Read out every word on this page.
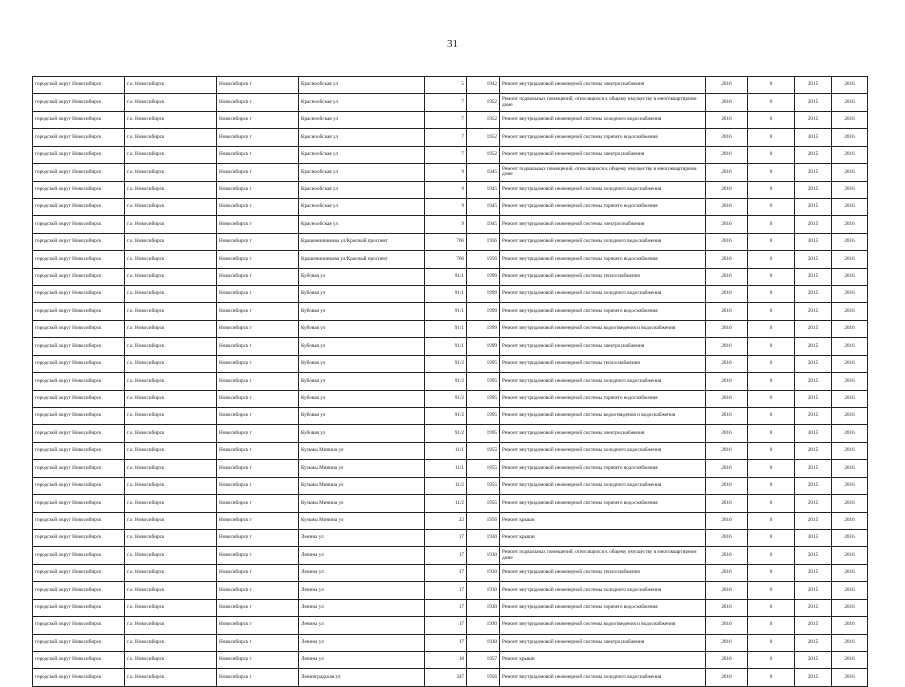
31
городской округ Новосибирск	г.о. Новосибирск	Новосибирск г	Краснообская ул	5	1942	Ремонт внутридомовой инженерной системы электроснабжения	2016	0	2015	2016
городской округ Новосибирск	г.о. Новосибирск	Новосибирск г	Краснообская ул	7	1952	Ремонт подвальных помещений, относящихся к общему имуществу в многоквартирном доме	2016	0	2015	2016
городской округ Новосибирск	г.о. Новосибирск	Новосибирск г	Краснообская ул	7	1952	Ремонт внутридомовой инженерной системы холодного водоснабжения	2016	0	2015	2016
городской округ Новосибирск	г.о. Новосибирск	Новосибирск г	Краснообская ул	7	1952	Ремонт внутридомовой инженерной системы горячего водоснабжения	2016	0	2015	2016
городской округ Новосибирск	г.о. Новосибирск	Новосибирск г	Краснообская ул	7	1952	Ремонт внутридомовой инженерной системы электроснабжения	2016	0	2015	2016
городской округ Новосибирск	г.о. Новосибирск	Новосибирск г	Краснообская ул	9	1945	Ремонт подвальных помещений, относящихся к общему имуществу в многоквартирном доме	2016	0	2015	2016
городской округ Новосибирск	г.о. Новосибирск	Новосибирск г	Краснообская ул	9	1945	Ремонт внутридомовой инженерной системы холодного водоснабжения	2016	0	2015	2016
городской округ Новосибирск	г.о. Новосибирск	Новосибирск г	Краснообская ул	9	1945	Ремонт внутридомовой инженерной системы горячего водоснабжения	2016	0	2015	2016
городской округ Новосибирск	г.о. Новосибирск	Новосибирск г	Краснообская ул	9	1945	Ремонт внутридомовой инженерной системы электроснабжения	2016	0	2015	2016
городской округ Новосибирск	г.о. Новосибирск	Новосибирск г	Крашенинникова ул/Красный проспект	766	1956	Ремонт внутридомовой инженерной системы холодного водоснабжения	2016	0	2015	2016
городской округ Новосибирск	г.о. Новосибирск	Новосибирск г	Крашенинникова ул/Красный проспект	766	1956	Ремонт внутридомовой инженерной системы горячего водоснабжения	2016	0	2015	2016
городской округ Новосибирск	г.о. Новосибирск	Новосибирск г	Кубовая ул	91/1	1999	Ремонт внутридомовой инженерной системы теплоснабжения	2016	0	2015	2016
городской округ Новосибирск	г.о. Новосибирск	Новосибирск г	Кубовая ул	91/1	1999	Ремонт внутридомовой инженерной системы холодного водоснабжения	2016	0	2015	2016
городской округ Новосибирск	г.о. Новосибирск	Новосибирск г	Кубовая ул	91/1	1999	Ремонт внутридомовой инженерной системы горячего водоснабжения	2016	0	2015	2016
городской округ Новосибирск	г.о. Новосибирск	Новосибирск г	Кубовая ул	91/1	1999	Ремонт внутридомовой инженерной системы водоотведения и водоснабжения	2016	0	2015	2016
городской округ Новосибирск	г.о. Новосибирск	Новосибирск г	Кубовая ул	91/1	1999	Ремонт внутридомовой инженерной системы электроснабжения	2016	0	2015	2016
городской округ Новосибирск	г.о. Новосибирск	Новосибирск г	Кубовая ул	91/2	1995	Ремонт внутридомовой инженерной системы теплоснабжения	2016	0	2015	2016
городской округ Новосибирск	г.о. Новосибирск	Новосибирск г	Кубовая ул	91/2	1995	Ремонт внутридомовой инженерной системы холодного водоснабжения	2016	0	2015	2016
городской округ Новосибирск	г.о. Новосибирск	Новосибирск г	Кубовая ул	91/2	1995	Ремонт внутридомовой инженерной системы горячего водоснабжения	2016	0	2015	2016
городской округ Новосибирск	г.о. Новосибирск	Новосибирск г	Кубовая ул	91/2	1995	Ремонт внутридомовой инженерной системы водоотведения и водоснабжения	2016	0	2015	2016
городской округ Новосибирск	г.о. Новосибирск	Новосибирск г	Кубовая ул	91/2	1995	Ремонт внутридомовой инженерной системы электроснабжения	2016	0	2015	2016
городской округ Новосибирск	г.о. Новосибирск	Новосибирск г	Кузьмы Минина ул	11/1	1955	Ремонт внутридомовой инженерной системы холодного водоснабжения	2016	0	2015	2016
городской округ Новосибирск	г.о. Новосибирск	Новосибирск г	Кузьмы Минина ул	11/1	1955	Ремонт внутридомовой инженерной системы горячего водоснабжения	2016	0	2015	2016
городской округ Новосибирск	г.о. Новосибирск	Новосибирск г	Кузьмы Минина ул	11/2	1955	Ремонт внутридомовой инженерной системы холодного водоснабжения	2016	0	2015	2016
городской округ Новосибирск	г.о. Новосибирск	Новосибирск г	Кузьмы Минина ул	11/2	1955	Ремонт внутридомовой инженерной системы горячего водоснабжения	2016	0	2015	2016
городской округ Новосибирск	г.о. Новосибирск	Новосибирск г	Кузьмы Минина ул	22	1956	Ремонт крыши	2016	0	2015	2016
городской округ Новосибирск	г.о. Новосибирск	Новосибирск г	Ленина ул	17	1930	Ремонт крыши	2016	0	2015	2016
городской округ Новосибирск	г.о. Новосибирск	Новосибирск г	Ленина ул	17	1930	Ремонт подвальных помещений, относящихся к общему имуществу в многоквартирном доме	2016	0	2015	2016
городской округ Новосибирск	г.о. Новосибирск	Новосибирск г	Ленина ул	17	1930	Ремонт внутридомовой инженерной системы теплоснабжения	2016	0	2015	2016
городской округ Новосибирск	г.о. Новосибирск	Новосибирск г	Ленина ул	17	1930	Ремонт внутридомовой инженерной системы холодного водоснабжения	2016	0	2015	2016
городской округ Новосибирск	г.о. Новосибирск	Новосибирск г	Ленина ул	17	1930	Ремонт внутридомовой инженерной системы горячего водоснабжения	2016	0	2015	2016
городской округ Новосибирск	г.о. Новосибирск	Новосибирск г	Ленина ул	17	1930	Ремонт внутридомовой инженерной системы водоотведения и водоснабжения	2016	0	2015	2016
городской округ Новосибирск	г.о. Новосибирск	Новосибирск г	Ленина ул	17	1930	Ремонт внутридомовой инженерной системы электроснабжения	2016	0	2015	2016
городской округ Новосибирск	г.о. Новосибирск	Новосибирск г	Ленина ул	18	1957	Ремонт крыши	2016	0	2015	2016
городской округ Новосибирск	г.о. Новосибирск	Новосибирск г	Ленинградская ул	347	1956	Ремонт внутридомовой инженерной системы холодного водоснабжения	2016	0	2015	2016
